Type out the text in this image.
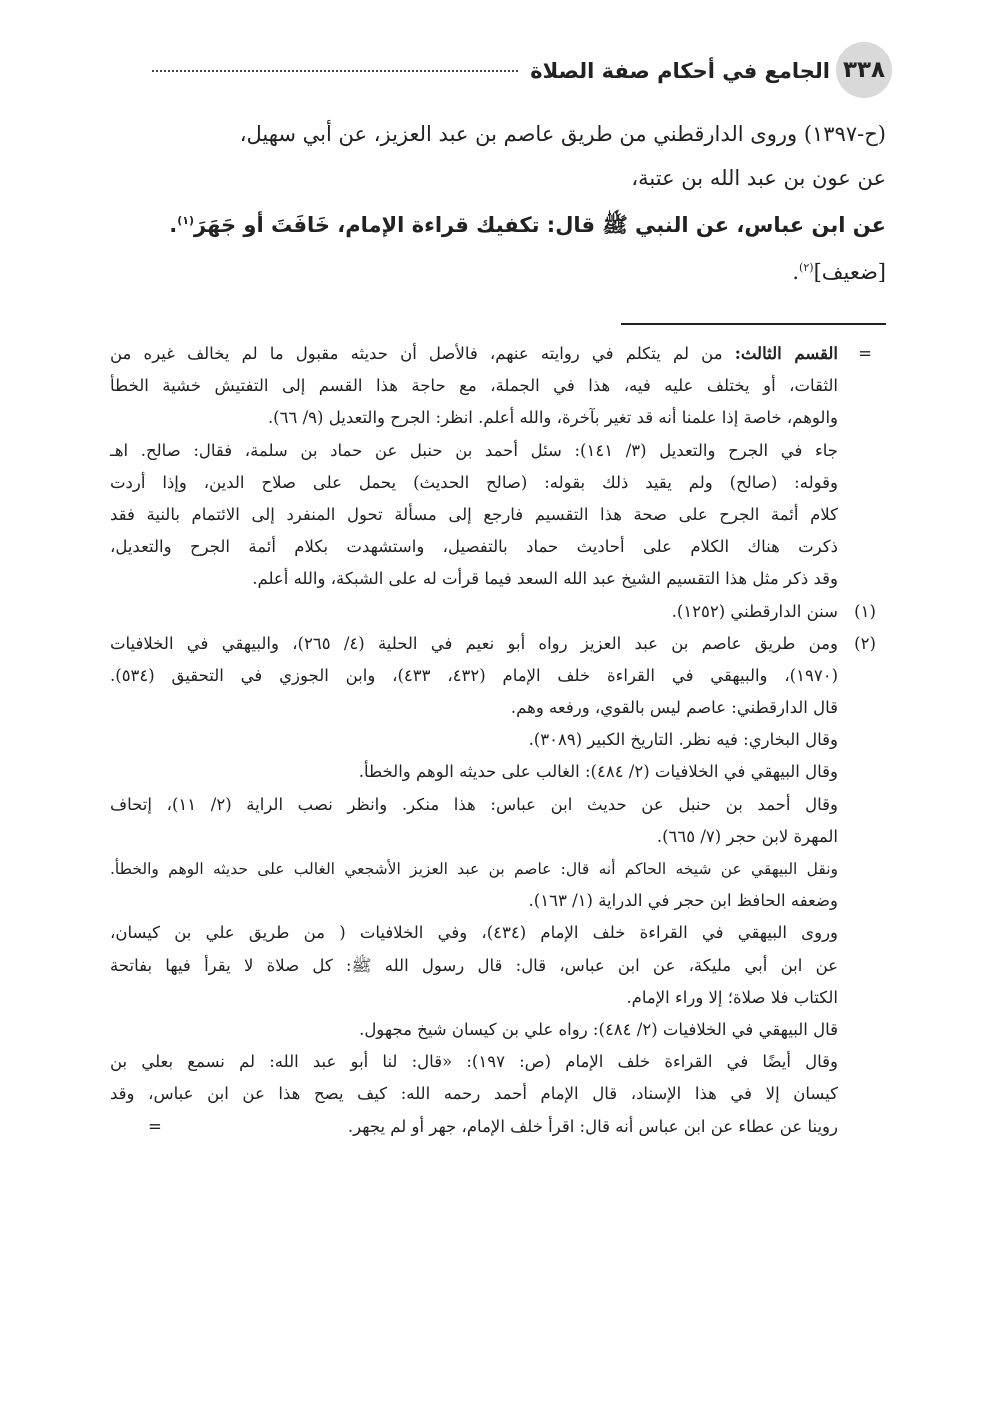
٣٣٨
الجامع في أحكام صفة الصلاة

(ح-١٣٩٧) وروى الدارقطني من طريق عاصم بن عبد العزيز، عن أبي سهيل،

عن عون بن عبد الله بن عتبة،

عن ابن عباس، عن النبي ﷺ قال: تكفيك قراءة الإمام، خَافَتَ أو جَهَرَ$^{(١)}$.

[ضعيف]$^{(٢)}$.

=
القسم الثالث: من لم يتكلم في روايته عنهم، فالأصل أن حديثه مقبول ما لم يخالف غيره من
الثقات، أو يختلف عليه فيه، هذا في الجملة، مع حاجة هذا القسم إلى التفتيش خشية الخطأ
والوهم، خاصة إذا علمنا أنه قد تغير بآخرة، والله أعلم. انظر: الجرح والتعديل (٩/ ٦٦).
جاء في الجرح والتعديل (٣/ ١٤١): سئل أحمد بن حنبل عن حماد بن سلمة، فقال: صالح. اهـ
وقوله: (صالح) ولم يقيد ذلك بقوله: (صالح الحديث) يحمل على صلاح الدين، وإذا أردت
كلام أئمة الجرح على صحة هذا التقسيم فارجع إلى مسألة تحول المنفرد إلى الائتمام بالنية فقد
ذكرت هناك الكلام على أحاديث حماد بالتفصيل، واستشهدت بكلام أئمة الجرح والتعديل،
وقد ذكر مثل هذا التقسيم الشيخ عبد الله السعد فيما قرأت له على الشبكة، والله أعلم.
(١)
سنن الدارقطني (١٢٥٢).
(٢)
ومن طريق عاصم بن عبد العزيز رواه أبو نعيم في الحلية (٤/ ٢٦٥)، والبيهقي في الخلافيات
(١٩٧٠)، والبيهقي في القراءة خلف الإمام (٤٣٢، ٤٣٣)، وابن الجوزي في التحقيق (٥٣٤).
قال الدارقطني: عاصم ليس بالقوي، ورفعه وهم.
وقال البخاري: فيه نظر. التاريخ الكبير (٣٠٨٩).
وقال البيهقي في الخلافيات (٢/ ٤٨٤): الغالب على حديثه الوهم والخطأ.
وقال أحمد بن حنبل عن حديث ابن عباس: هذا منكر. وانظر نصب الراية (٢/ ١١)، إتحاف
المهرة لابن حجر (٧/ ٦٦٥).
ونقل البيهقي عن شيخه الحاكم أنه قال: عاصم بن عبد العزيز الأشجعي الغالب على حديثه الوهم والخطأ.
وضعفه الحافظ ابن حجر في الدراية (١/ ١٦٣).
وروى البيهقي في القراءة خلف الإمام (٤٣٤)، وفي الخلافيات ( من طريق علي بن كيسان،
عن ابن أبي مليكة، عن ابن عباس، قال: قال رسول الله ﷺ: كل صلاة لا يقرأ فيها بفاتحة
الكتاب فلا صلاة؛ إلا وراء الإمام.
قال البيهقي في الخلافيات (٢/ ٤٨٤): رواه علي بن كيسان شيخ مجهول.
وقال أيضًا في القراءة خلف الإمام (ص: ١٩٧): «قال: لنا أبو عبد الله: لم نسمع بعلي بن
كيسان إلا في هذا الإسناد، قال الإمام أحمد رحمه الله: كيف يصح هذا عن ابن عباس، وقد
روينا عن عطاء عن ابن عباس أنه قال: اقرأ خلف الإمام، جهر أو لم يجهر.
=
